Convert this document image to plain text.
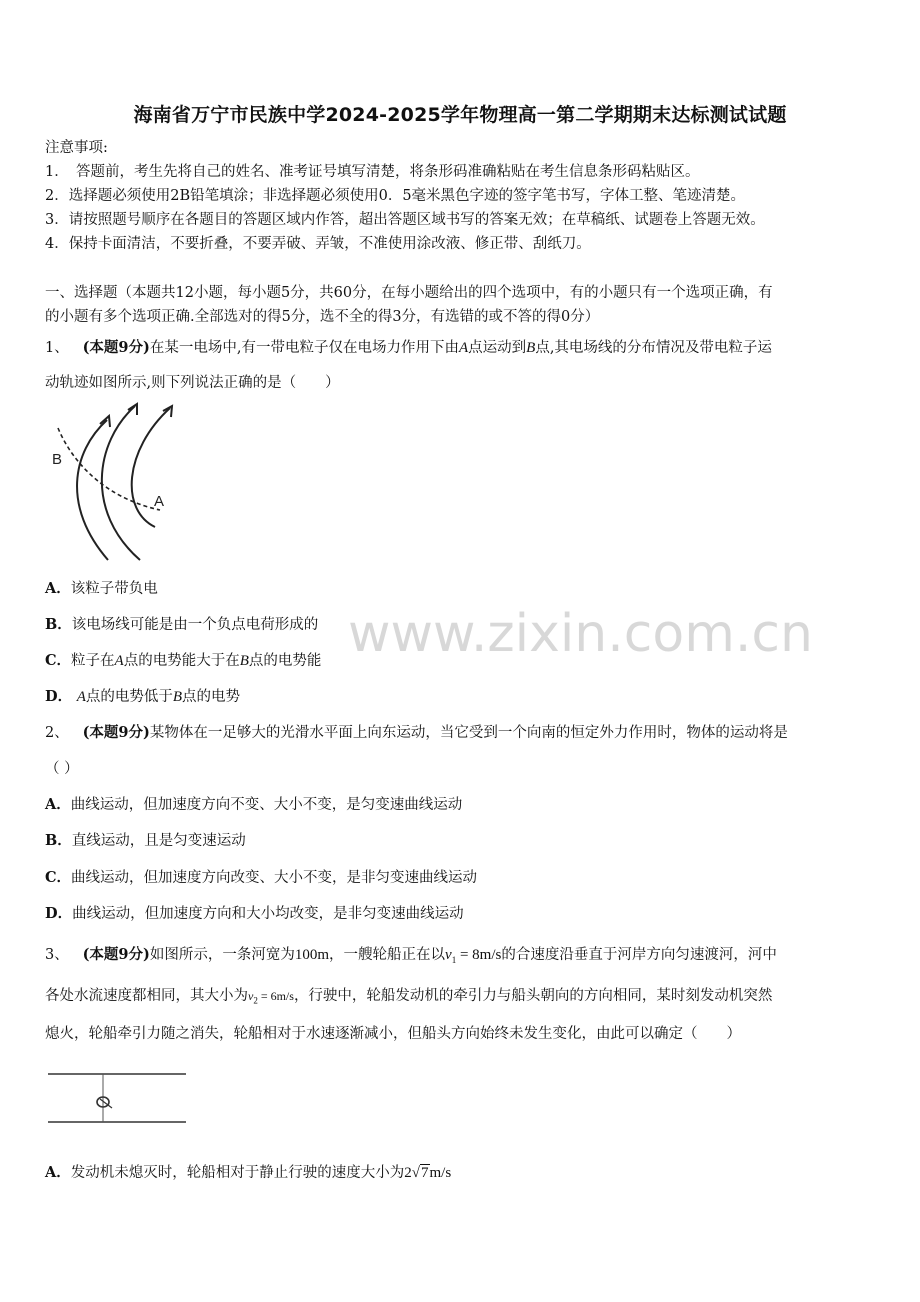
海南省万宁市民族中学2024-2025学年物理高一第二学期期末达标测试试题
注意事项:
1．　答题前，考生先将自己的姓名、准考证号填写清楚，将条形码准确粘贴在考生信息条形码粘贴区。
2．选择题必须使用2B铅笔填涂；非选择题必须使用0．5毫米黑色字迹的签字笔书写，字体工整、笔迹清楚。
3．请按照题号顺序在各题目的答题区域内作答，超出答题区域书写的答案无效；在草稿纸、试题卷上答题无效。
4．保持卡面清洁，不要折叠，不要弄破、弄皱，不准使用涂改液、修正带、刮纸刀。
一、选择题（本题共12小题，每小题5分，共60分，在每小题给出的四个选项中，有的小题只有一个选项正确，有
的小题有多个选项正确.全部选对的得5分，选不全的得3分，有选错的或不答的得0分）
1、 (本题9分)在某一电场中,有一带电粒子仅在电场力作用下由A点运动到B点,其电场线的分布情况及带电粒子运
动轨迹如图所示,则下列说法正确的是（　　）
B
A
A．该粒子带负电
B．该电场线可能是由一个负点电荷形成的
C．粒子在A点的电势能大于在B点的电势能
D． A点的电势低于B点的电势
www.zixin.com.cn
2、 (本题9分)某物体在一足够大的光滑水平面上向东运动，当它受到一个向南的恒定外力作用时，物体的运动将是
（ ）
A．曲线运动，但加速度方向不变、大小不变，是匀变速曲线运动
B．直线运动，且是匀变速运动
C．曲线运动，但加速度方向改变、大小不变，是非匀变速曲线运动
D．曲线运动，但加速度方向和大小均改变，是非匀变速曲线运动
3、 (本题9分)如图所示，一条河宽为100m，一艘轮船正在以$v_1 = 8m/s$的合速度沿垂直于河岸方向匀速渡河，河中
各处水流速度都相同，其大小为$v_2 = 6m/s$，行驶中，轮船发动机的牵引力与船头朝向的方向相同，某时刻发动机突然
熄火，轮船牵引力随之消失，轮船相对于水速逐渐减小，但船头方向始终未发生变化，由此可以确定（　　）
A．发动机未熄灭时，轮船相对于静止行驶的速度大小为2√7m/s
